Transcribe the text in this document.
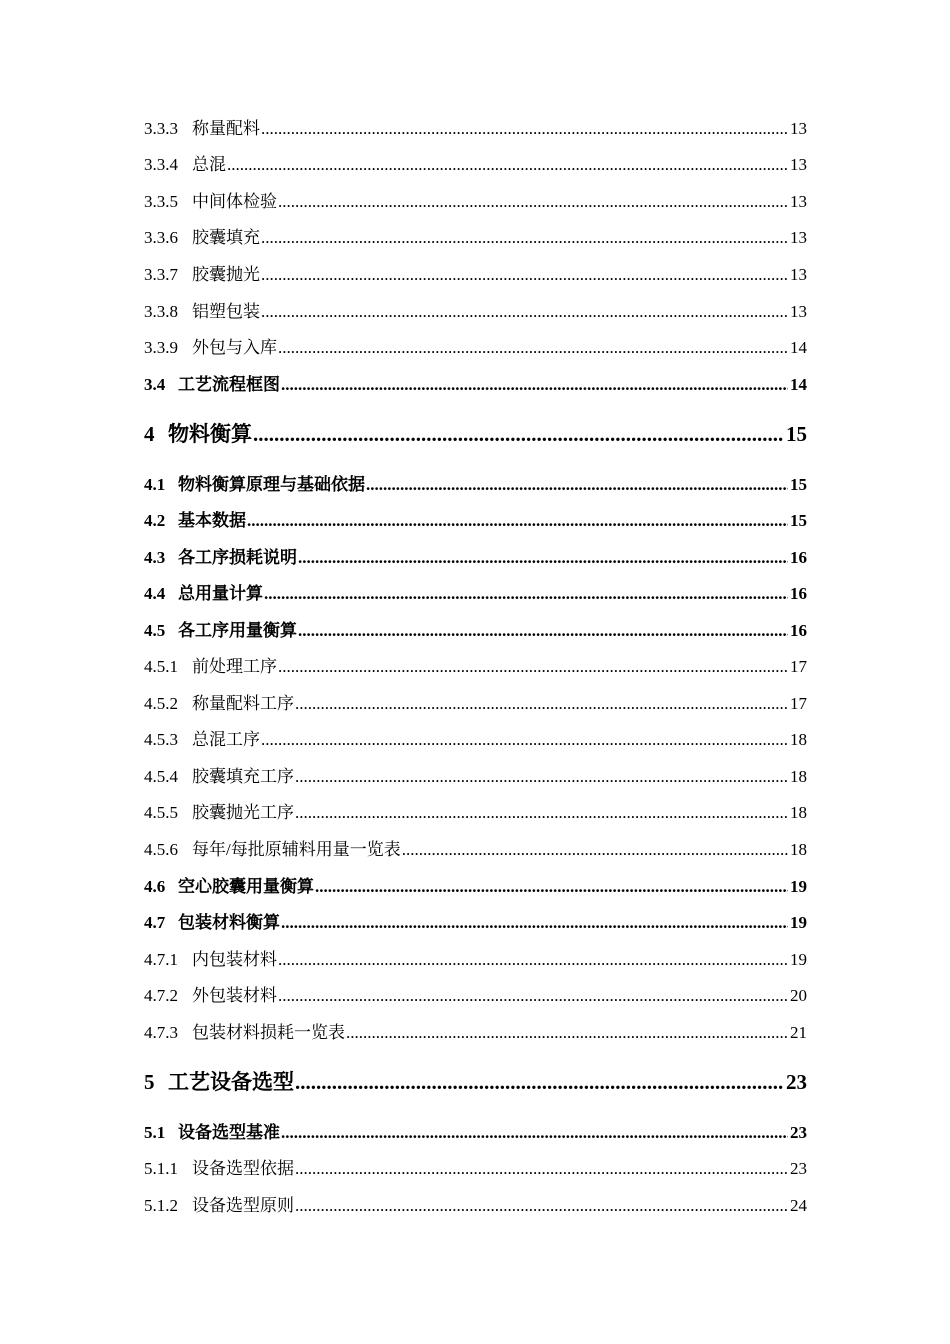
3.3.3 称量配料 .....	13
3.3.4 总混 .....	13
3.3.5 中间体检验 .....	13
3.3.6 胶囊填充 .....	13
3.3.7 胶囊抛光 .....	13
3.3.8 铝塑包装 .....	13
3.3.9 外包与入库 .....	14
3.4 工艺流程框图 .....	14
4 物料衡算 .....	15
4.1 物料衡算原理与基础依据 .....	15
4.2 基本数据 .....	15
4.3 各工序损耗说明 .....	16
4.4 总用量计算 .....	16
4.5 各工序用量衡算 .....	16
4.5.1 前处理工序 .....	17
4.5.2 称量配料工序 .....	17
4.5.3 总混工序 .....	18
4.5.4 胶囊填充工序 .....	18
4.5.5 胶囊抛光工序 .....	18
4.5.6 每年/每批原辅料用量一览表 .....	18
4.6 空心胶囊用量衡算 .....	19
4.7 包装材料衡算 .....	19
4.7.1 内包装材料 .....	19
4.7.2 外包装材料 .....	20
4.7.3 包装材料损耗一览表 .....	21
5 工艺设备选型 .....	23
5.1 设备选型基准 .....	23
5.1.1 设备选型依据 .....	23
5.1.2 设备选型原则 .....	24
